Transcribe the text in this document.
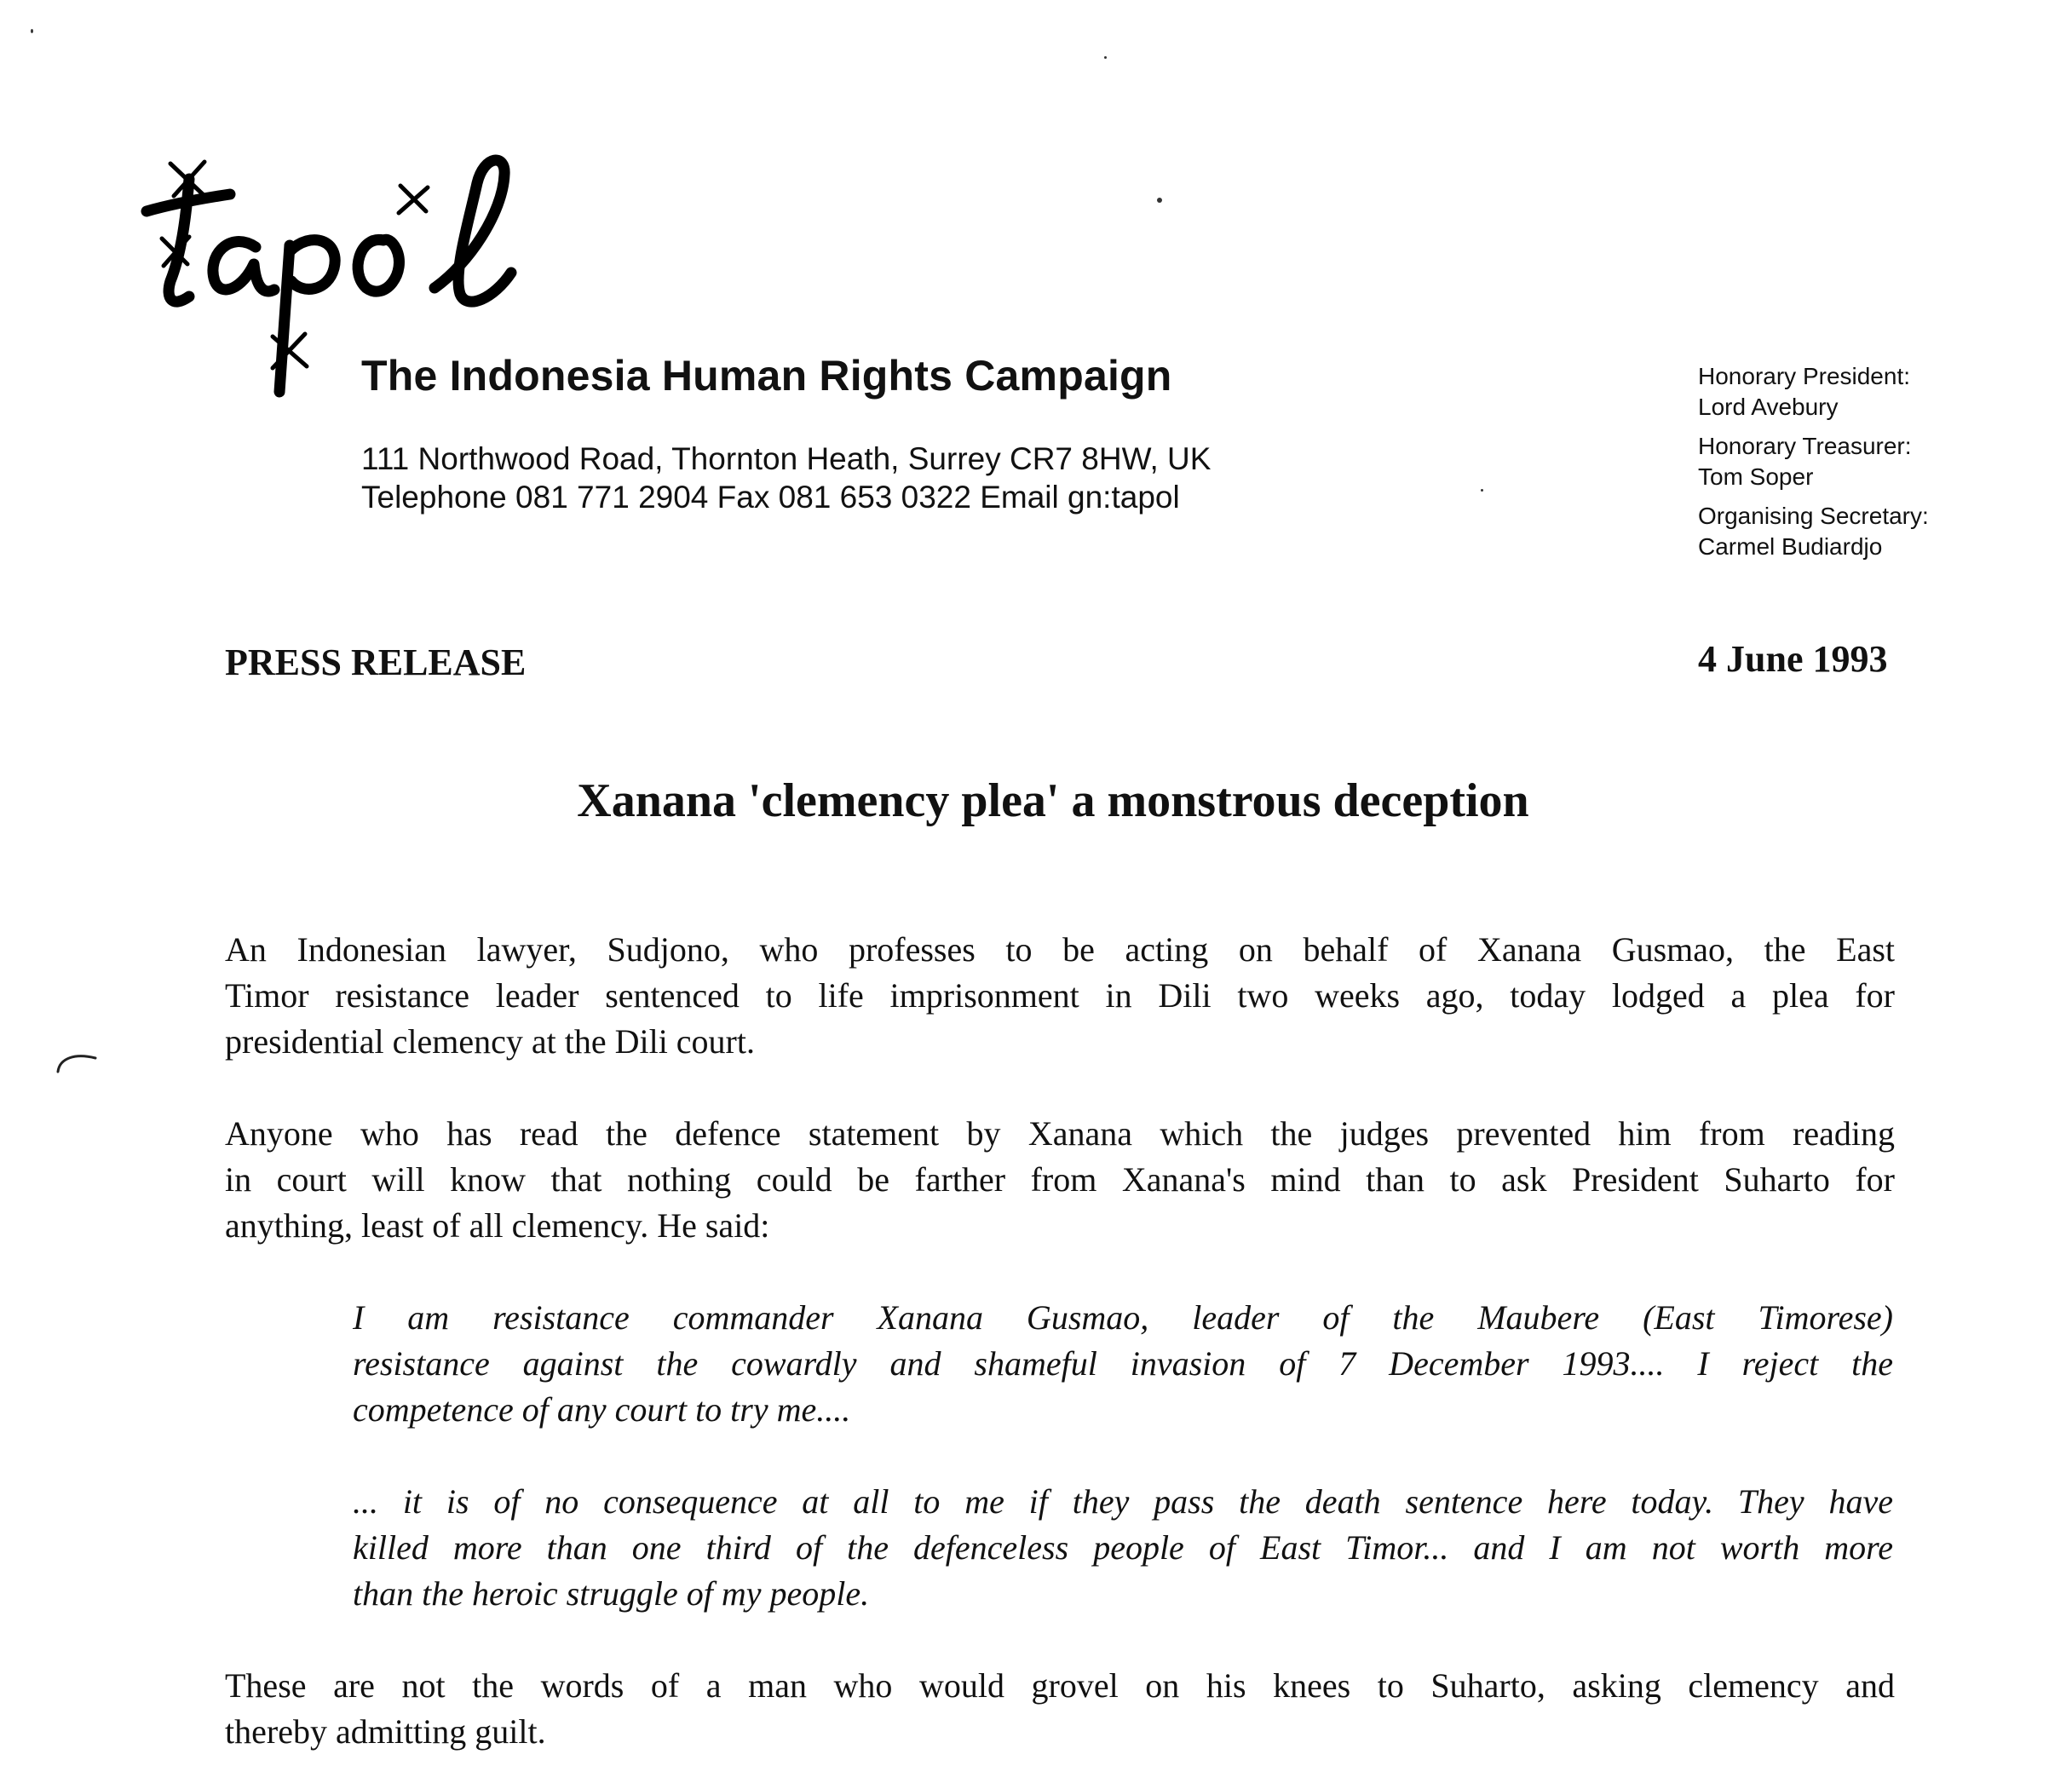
The Indonesia Human Rights Campaign
111 Northwood Road, Thornton Heath, Surrey CR7 8HW, UK
Telephone 081 771 2904 Fax 081 653 0322 Email gn:tapol
Honorary President:
Lord Avebury
Honorary Treasurer:
Tom Soper
Organising Secretary:
Carmel Budiardjo
PRESS RELEASE	4 June 1993
Xanana 'clemency plea' a monstrous deception
An Indonesian lawyer, Sudjono, who professes to be acting on behalf of Xanana Gusmao, the East
Timor resistance leader sentenced to life imprisonment in Dili two weeks ago, today lodged a plea for
presidential clemency at the Dili court.
Anyone who has read the defence statement by Xanana which the judges prevented him from reading
in court will know that nothing could be farther from Xanana's mind than to ask President Suharto for
anything, least of all clemency. He said:
I am resistance commander Xanana Gusmao, leader of the Maubere (East Timorese)
resistance against the cowardly and shameful invasion of 7 December 1993.... I reject the
competence of any court to try me....
... it is of no consequence at all to me if they pass the death sentence here today. They have
killed more than one third of the defenceless people of East Timor... and I am not worth more
than the heroic struggle of my people.
These are not the words of a man who would grovel on his knees to Suharto, asking clemency and
thereby admitting guilt.
